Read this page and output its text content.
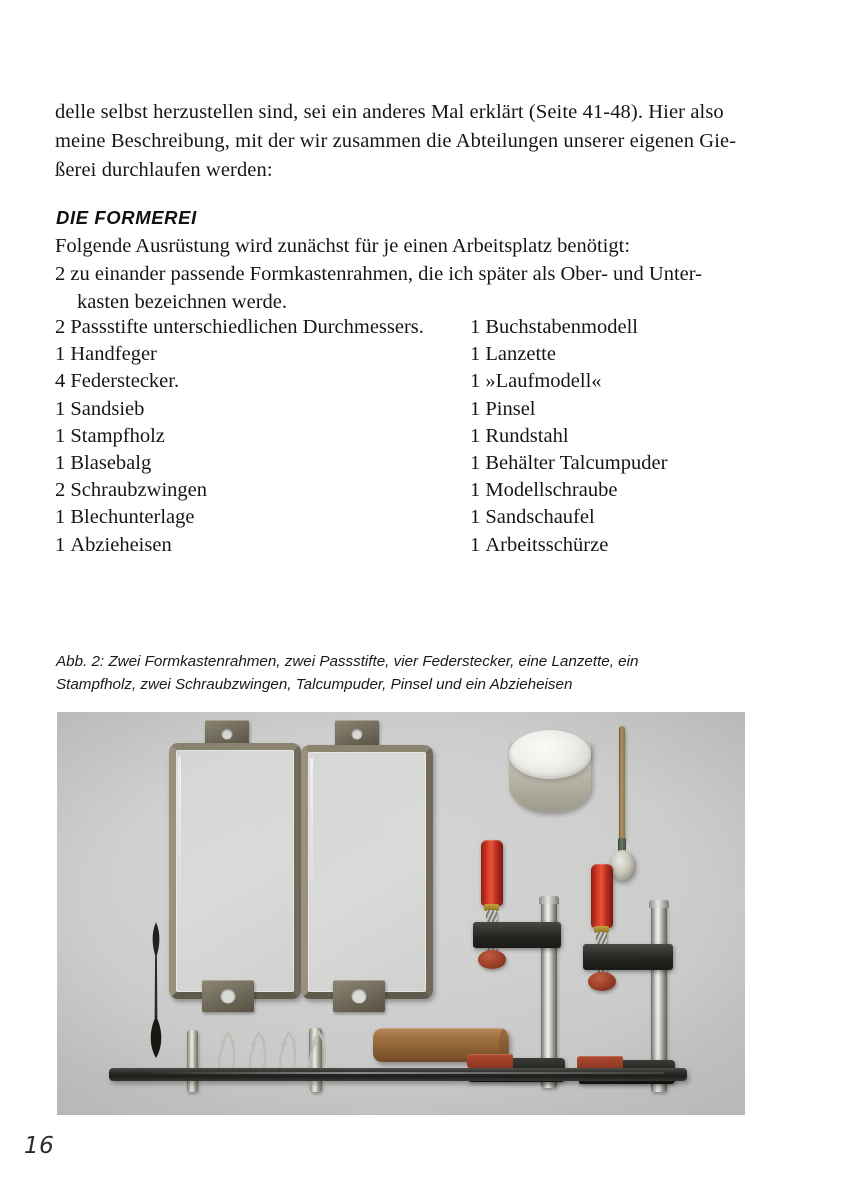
delle selbst herzustellen sind, sei ein anderes Mal erklärt (Seite 41-48). Hier also
meine Beschreibung, mit der wir zusammen die Abteilungen unserer eigenen Gie-
ßerei durchlaufen werden:
DIE FORMEREI
Folgende Ausrüstung wird zunächst für je einen Arbeitsplatz benötigt:
2 zu einander passende Formkastenrahmen, die ich später als Ober- und Unter-
kasten bezeichnen werde.
2 Passstifte unterschiedlichen Durchmessers.
1 Handfeger
4 Federstecker.
1 Sandsieb
1 Stampfholz
1 Blasebalg
2 Schraubzwingen
1 Blechunterlage
1 Abzieheisen
1 Buchstabenmodell
1 Lanzette
1 »Laufmodell«
1 Pinsel
1 Rundstahl
1 Behälter Talcumpuder
1 Modellschraube
1 Sandschaufel
1 Arbeitsschürze
Abb. 2: Zwei Formkastenrahmen, zwei Passstifte, vier Federstecker, eine Lanzette, ein
Stampfholz, zwei Schraubzwingen, Talcumpuder, Pinsel und ein Abzieheisen
16
